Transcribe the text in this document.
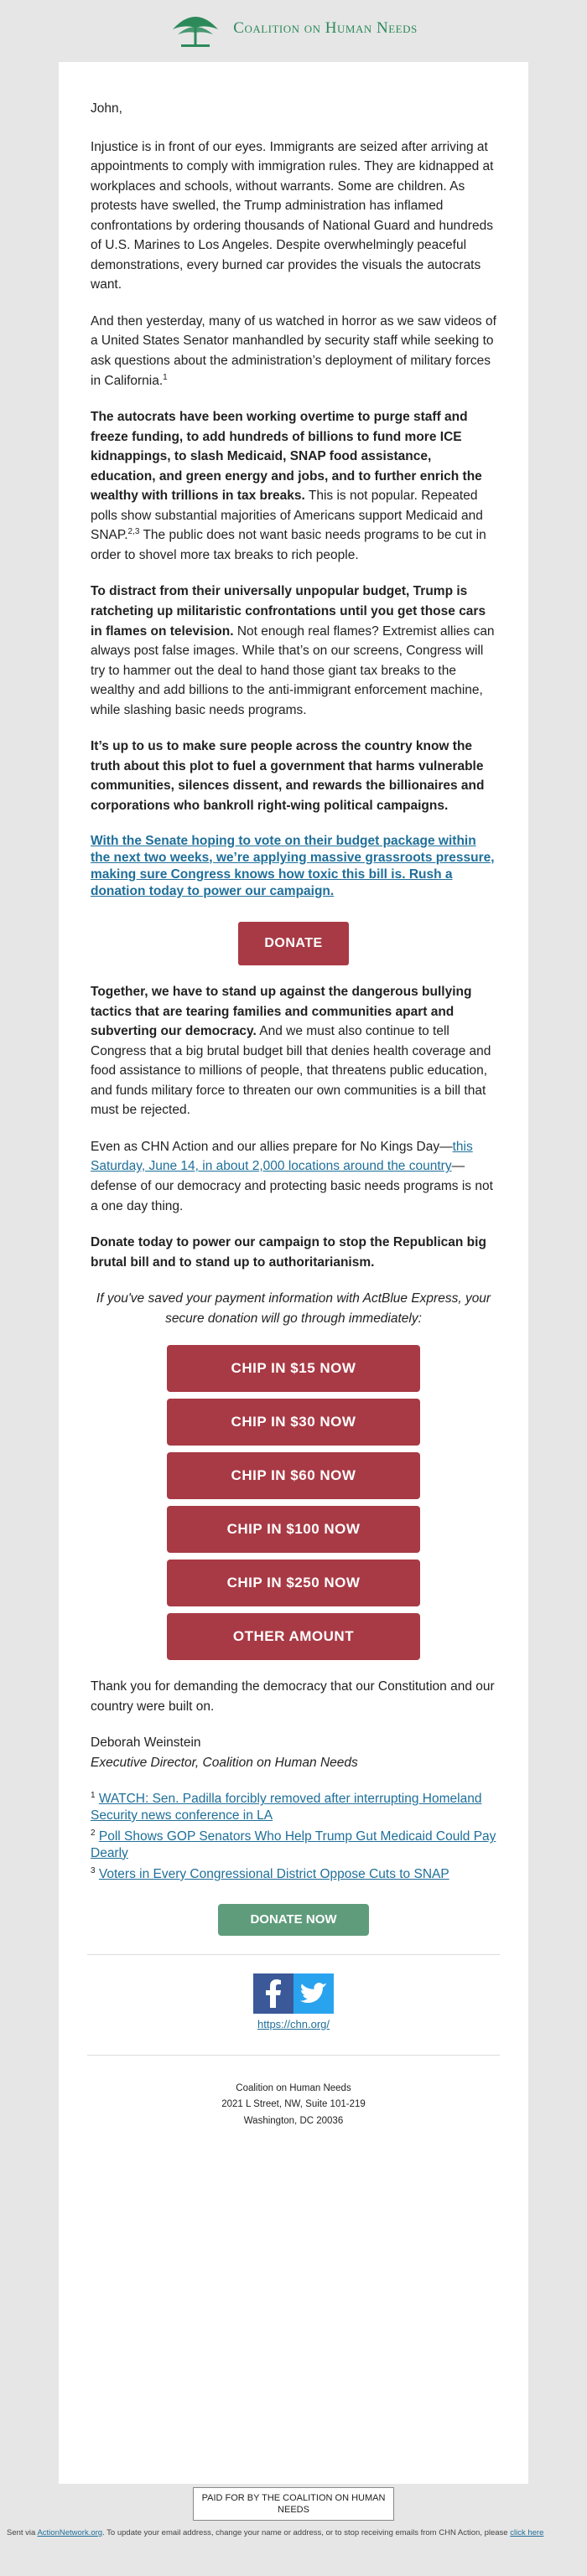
Coalition on Human Needs

John,

Injustice is in front of our eyes. Immigrants are seized after arriving at appointments to comply with immigration rules. They are kidnapped at workplaces and schools, without warrants. Some are children. As protests have swelled, the Trump administration has inflamed confrontations by ordering thousands of National Guard and hundreds of U.S. Marines to Los Angeles. Despite overwhelmingly peaceful demonstrations, every burned car provides the visuals the autocrats want.

And then yesterday, many of us watched in horror as we saw videos of a United States Senator manhandled by security staff while seeking to ask questions about the administration’s deployment of military forces in California.$^1$

The autocrats have been working overtime to purge staff and freeze funding, to add hundreds of billions to fund more ICE kidnappings, to slash Medicaid, SNAP food assistance, education, and green energy and jobs, and to further enrich the wealthy with trillions in tax breaks. This is not popular. Repeated polls show substantial majorities of Americans support Medicaid and SNAP.$^{2,3}$ The public does not want basic needs programs to be cut in order to shovel more tax breaks to rich people.

To distract from their universally unpopular budget, Trump is ratcheting up militaristic confrontations until you get those cars in flames on television. Not enough real flames? Extremist allies can always post false images. While that’s on our screens, Congress will try to hammer out the deal to hand those giant tax breaks to the wealthy and add billions to the anti-immigrant enforcement machine, while slashing basic needs programs.

It’s up to us to make sure people across the country know the truth about this plot to fuel a government that harms vulnerable communities, silences dissent, and rewards the billionaires and corporations who bankroll right-wing political campaigns.

With the Senate hoping to vote on their budget package within the next two weeks, we’re applying massive grassroots pressure, making sure Congress knows how toxic this bill is. Rush a donation today to power our campaign.
DONATE

Together, we have to stand up against the dangerous bullying tactics that are tearing families and communities apart and subverting our democracy. And we must also continue to tell Congress that a big brutal budget bill that denies health coverage and food assistance to millions of people, that threatens public education, and funds military force to threaten our own communities is a bill that must be rejected.

Even as CHN Action and our allies prepare for No Kings Day—this Saturday, June 14, in about 2,000 locations around the country—defense of our democracy and protecting basic needs programs is not a one day thing.

Donate today to power our campaign to stop the Republican big brutal bill and to stand up to authoritarianism.

If you've saved your payment information with ActBlue Express, your secure donation will go through immediately:

CHIP IN $15 NOW
CHIP IN $30 NOW
CHIP IN $60 NOW
CHIP IN $100 NOW
CHIP IN $250 NOW
OTHER AMOUNT

Thank you for demanding the democracy that our Constitution and our country were built on.

Deborah Weinstein

Executive Director, Coalition on Human Needs

$^1$ WATCH: Sen. Padilla forcibly removed after interrupting Homeland Security news conference in LA
$^2$ Poll Shows GOP Senators Who Help Trump Gut Medicaid Could Pay Dearly
$^3$ Voters in Every Congressional District Oppose Cuts to SNAP
DONATE NOW
https://chn.org/
Coalition on Human Needs
2021 L Street, NW, Suite 101-219
Washington, DC 20036
PAID FOR BY THE COALITION ON HUMAN NEEDS
Sent via ActionNetwork.org. To update your email address, change your name or address, or to stop receiving emails from CHN Action, please click here
